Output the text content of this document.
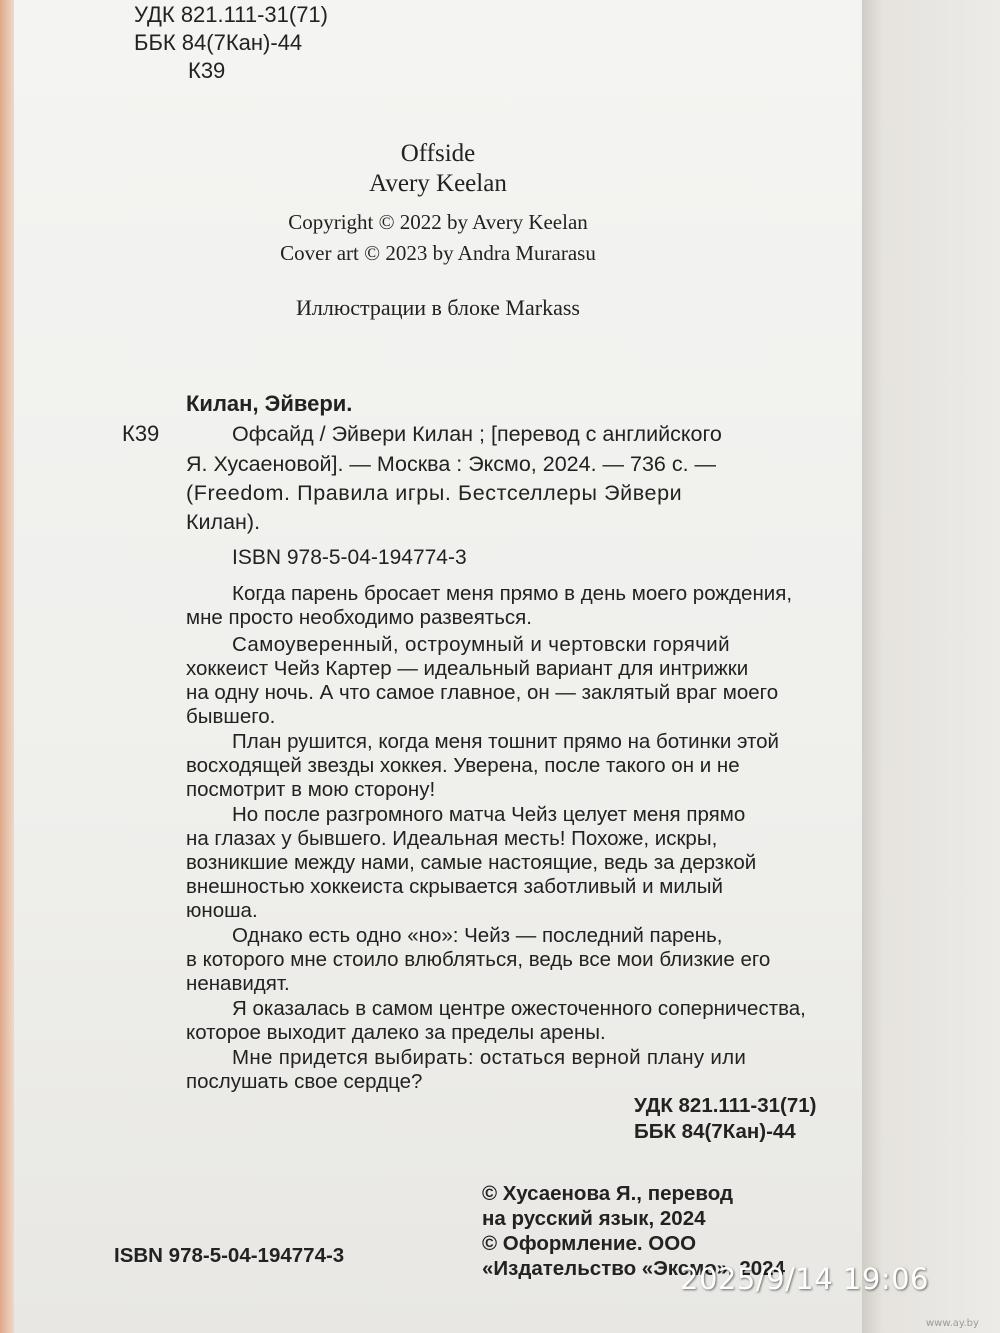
УДК 821.111-31(71)
ББК 84(7Кан)-44
К39
Offside
Avery Keelan
Copyright © 2022 by Avery Keelan
Cover art © 2023 by Andra Murarasu
Иллюстрации в блоке Markass
Килан, Эйвери.
К39	Офсайд / Эйвери Килан ; [перевод с английского
Я. Хусаеновой]. — Москва : Эксмо, 2024. — 736 с. —
(Freedom. Правила игры. Бестселлеры Эйвери
Килан).
ISBN 978-5-04-194774-3
Когда парень бросает меня прямо в день моего рождения,
мне просто необходимо развеяться.
Самоуверенный, остроумный и чертовски горячий
хоккеист Чейз Картер — идеальный вариант для интрижки
на одну ночь. А что самое главное, он — заклятый враг моего
бывшего.
План рушится, когда меня тошнит прямо на ботинки этой
восходящей звезды хоккея. Уверена, после такого он и не
посмотрит в мою сторону!
Но после разгромного матча Чейз целует меня прямо
на глазах у бывшего. Идеальная месть! Похоже, искры,
возникшие между нами, самые настоящие, ведь за дерзкой
внешностью хоккеиста скрывается заботливый и милый
юноша.
Однако есть одно «но»: Чейз — последний парень,
в которого мне стоило влюбляться, ведь все мои близкие его
ненавидят.
Я оказалась в самом центре ожесточенного соперничества,
которое выходит далеко за пределы арены.
Мне придется выбирать: остаться верной плану или
послушать свое сердце?
УДК 821.111-31(71)
ББК 84(7Кан)-44
© Хусаенова Я., перевод
на русский язык, 2024
© Оформление. ООО
«Издательство «Эксмо», 2024
ISBN 978-5-04-194774-3
2025/9/14 19:06
www.ay.by
